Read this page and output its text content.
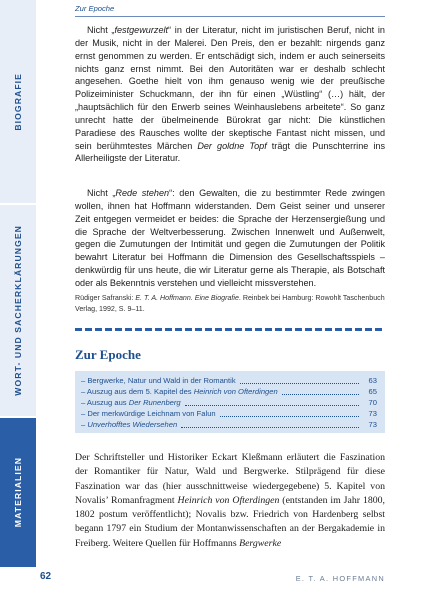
BIOGRAFIE
WORT- UND SACHERKLÄRUNGEN
MATERIALIEN
Zur Epoche
Nicht „festgewurzelt“ in der Literatur, nicht im juristischen Beruf, nicht in der Musik, nicht in der Malerei. Den Preis, den er bezahlt: nirgends ganz ernst genommen zu werden. Er entschädigt sich, indem er auch seinerseits nichts ganz ernst nimmt. Bei den Autoritäten war er deshalb schlecht angesehen. Goethe hielt von ihm genauso wenig wie der preußische Polizeiminister Schuckmann, der ihn für einen „Wüstling“ (…) hält, der „hauptsächlich für den Erwerb seines Weinhauslebens arbeitete“. So ganz unrecht hatte der übelmeinende Bürokrat gar nicht: Die künstlichen Paradiese des Rausches wollte der skeptische Fantast nicht missen, und sein berühmtestes Märchen Der goldne Topf trägt die Punschterrine ins Allerheiligste der Literatur.
Nicht „Rede stehen“: den Gewalten, die zu bestimmter Rede zwingen wollen, ihnen hat Hoffmann widerstanden. Dem Geist seiner und unserer Zeit entgegen vermeidet er beides: die Sprache der Herzensergießung und die Sprache der Weltverbesserung. Zwischen Innenwelt und Außenwelt, gegen die Zumutungen der Intimität und gegen die Zumutungen der Politik bewahrt Literatur bei Hoffmann die Dimension des Gesellschaftsspiels – denkwürdig für uns heute, die wir Literatur gerne als Therapie, als Botschaft oder als Bekenntnis verstehen und vielleicht missverstehen.
Rüdiger Safranski: E. T. A. Hoffmann. Eine Biografie. Reinbek bei Hamburg: Rowohlt Taschenbuch Verlag, 1992, S. 9–11.
Zur Epoche
– Bergwerke, Natur und Wald in der Romantik	63
– Auszug aus dem 5. Kapitel des Heinrich von Ofterdingen	65
– Auszug aus Der Runenberg	70
– Der merkwürdige Leichnam von Falun	73
– Unverhofftes Wiedersehen	73
Der Schriftsteller und Historiker Eckart Kleßmann erläutert die Faszination der Romantiker für Natur, Wald und Bergwerke. Stilprägend für diese Faszination war das (hier ausschnittweise wiedergegebene) 5. Kapitel von Novalis’ Romanfragment Heinrich von Ofterdingen (entstanden im Jahr 1800, 1802 postum veröffentlicht); Novalis bzw. Friedrich von Hardenberg selbst begann 1797 ein Studium der Montanwissenschaften an der Bergakademie in Freiberg. Weitere Quellen für Hoffmanns Bergwerke
62	E. T. A. HOFFMANN
